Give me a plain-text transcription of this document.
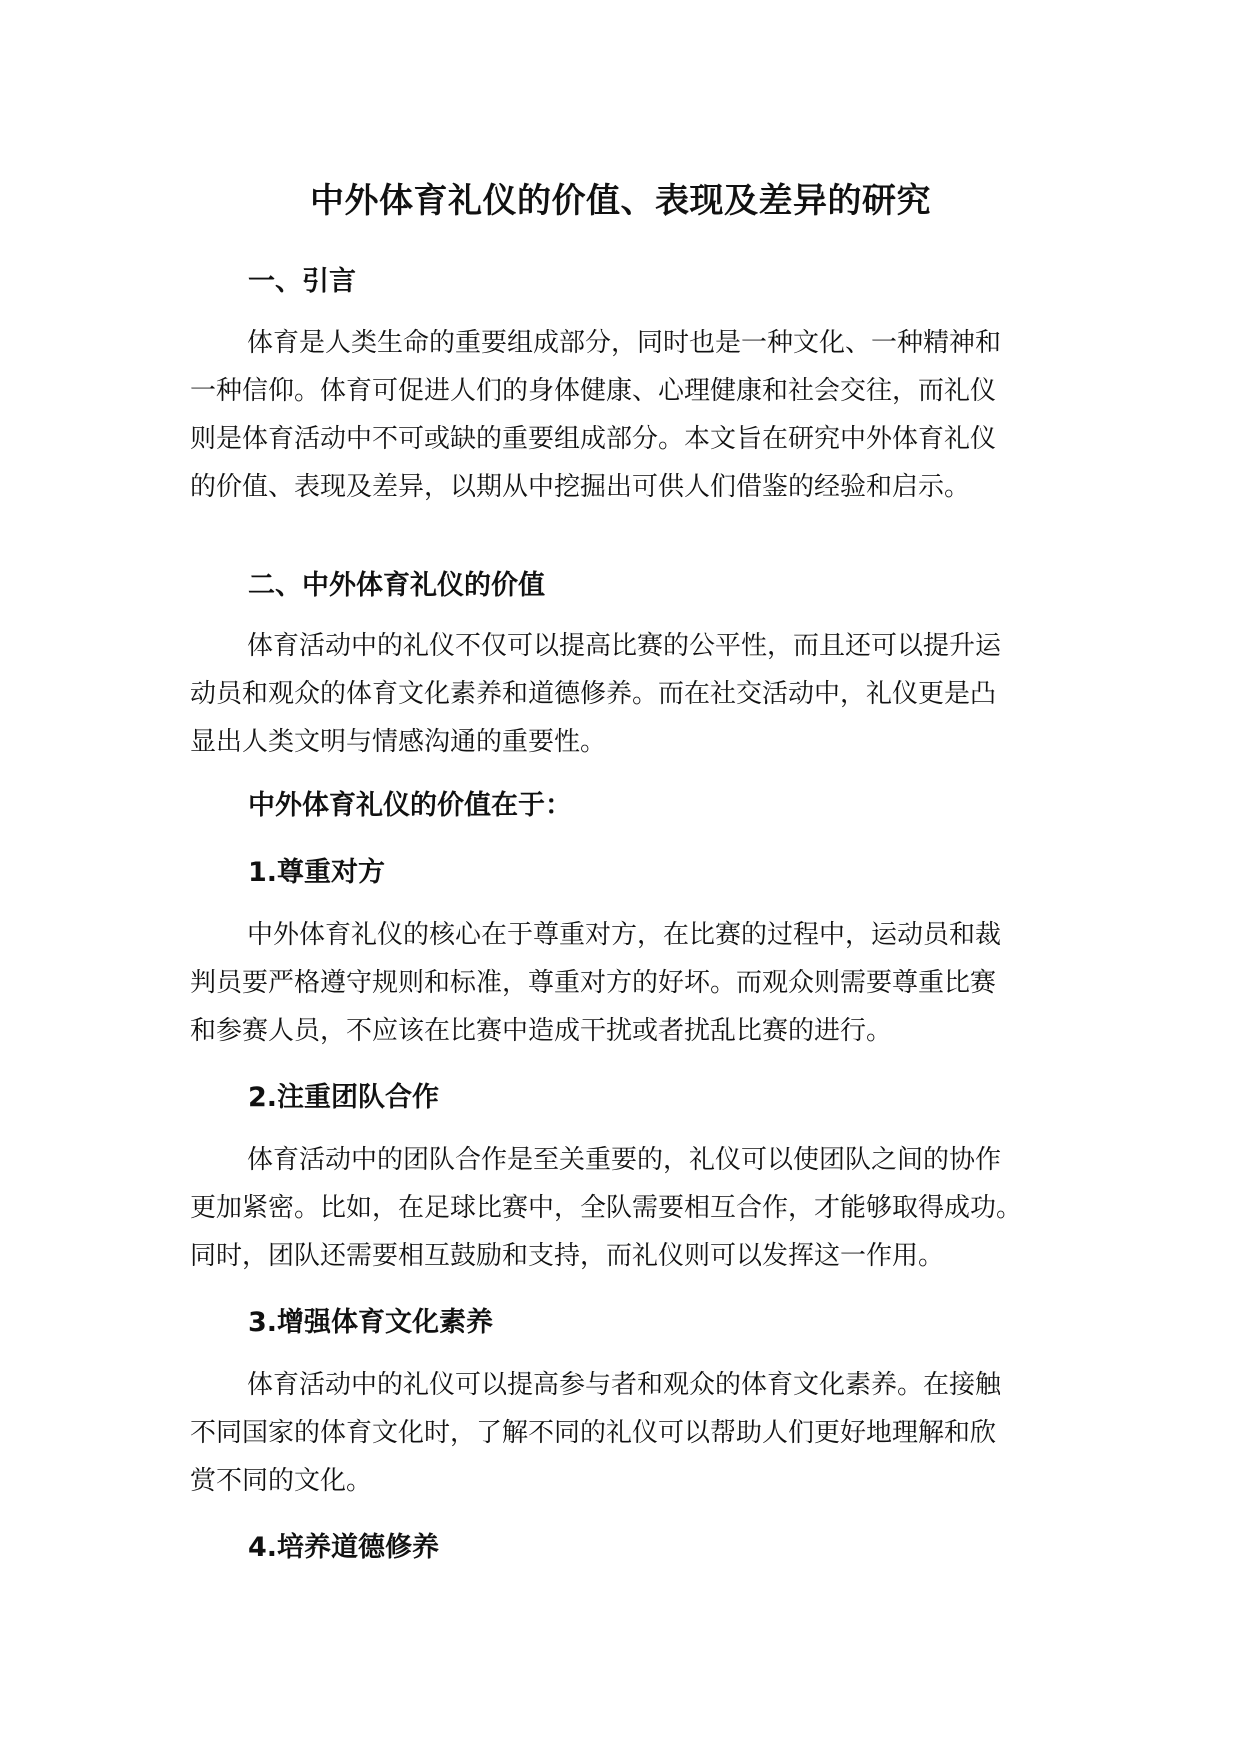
中外体育礼仪的价值、表现及差异的研究
一、引言

体育是人类生命的重要组成部分，同时也是一种文化、一种精神和
一种信仰。体育可促进人们的身体健康、心理健康和社会交往，而礼仪
则是体育活动中不可或缺的重要组成部分。本文旨在研究中外体育礼仪
的价值、表现及差异，以期从中挖掘出可供人们借鉴的经验和启示。

二、中外体育礼仪的价值

体育活动中的礼仪不仅可以提高比赛的公平性，而且还可以提升运
动员和观众的体育文化素养和道德修养。而在社交活动中，礼仪更是凸
显出人类文明与情感沟通的重要性。

中外体育礼仪的价值在于：
1.尊重对方

中外体育礼仪的核心在于尊重对方，在比赛的过程中，运动员和裁
判员要严格遵守规则和标准，尊重对方的好坏。而观众则需要尊重比赛
和参赛人员，不应该在比赛中造成干扰或者扰乱比赛的进行。

2.注重团队合作

体育活动中的团队合作是至关重要的，礼仪可以使团队之间的协作
更加紧密。比如，在足球比赛中，全队需要相互合作，才能够取得成功。
同时，团队还需要相互鼓励和支持，而礼仪则可以发挥这一作用。

3.增强体育文化素养

体育活动中的礼仪可以提高参与者和观众的体育文化素养。在接触
不同国家的体育文化时，了解不同的礼仪可以帮助人们更好地理解和欣
赏不同的文化。

4.培养道德修养
